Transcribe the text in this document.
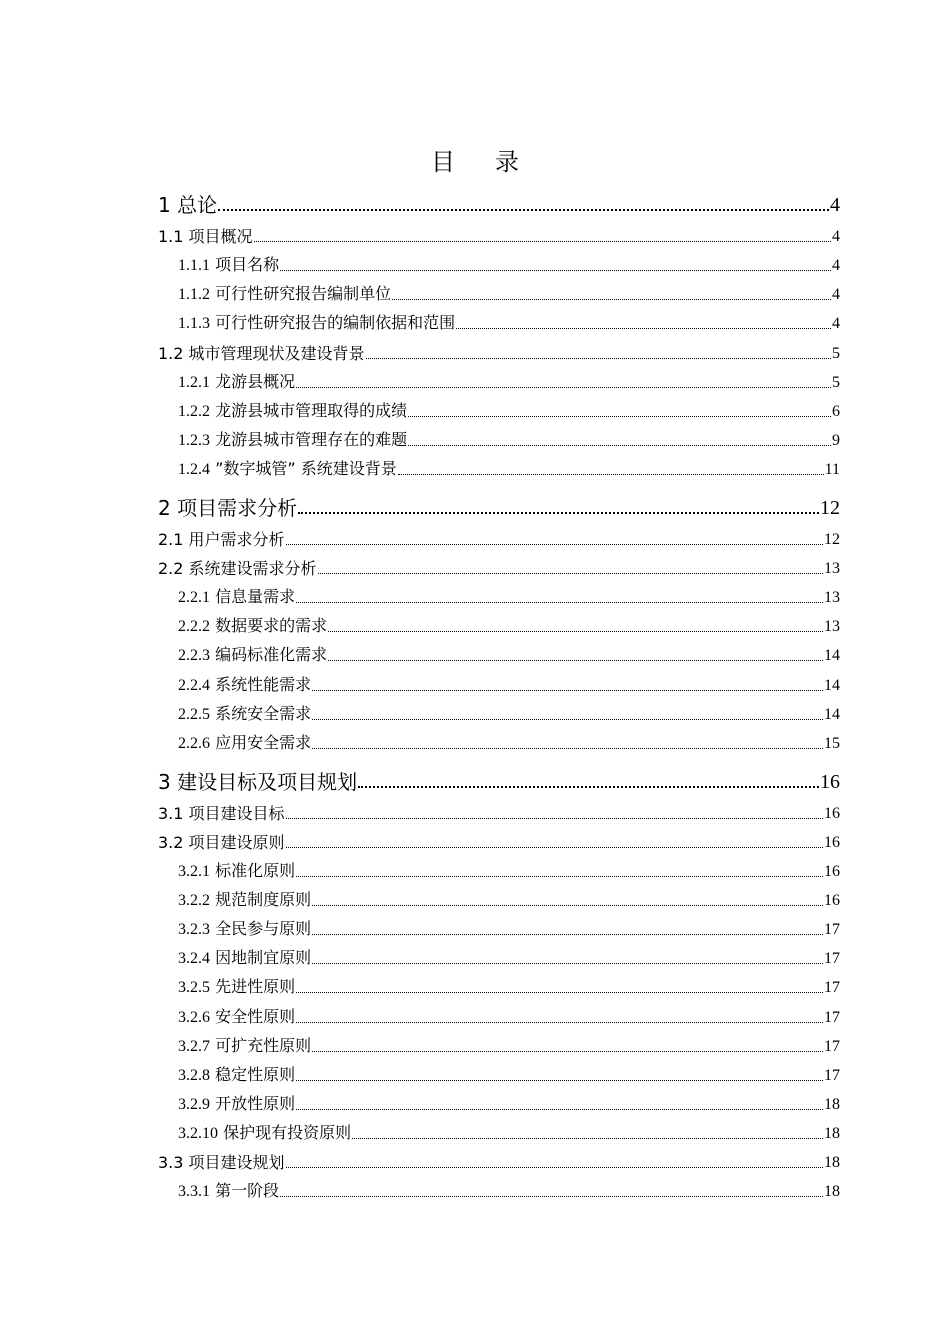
目 录
1 总论	4
1.1 项目概况	4
1.1.1 项目名称	4
1.1.2 可行性研究报告编制单位	4
1.1.3 可行性研究报告的编制依据和范围	4
1.2 城市管理现状及建设背景	5
1.2.1 龙游县概况	5
1.2.2 龙游县城市管理取得的成绩	6
1.2.3 龙游县城市管理存在的难题	9
1.2.4 ”数字城管” 系统建设背景	11
2 项目需求分析	12
2.1 用户需求分析	12
2.2 系统建设需求分析	13
2.2.1 信息量需求	13
2.2.2 数据要求的需求	13
2.2.3 编码标准化需求	14
2.2.4 系统性能需求	14
2.2.5 系统安全需求	14
2.2.6 应用安全需求	15
3 建设目标及项目规划	16
3.1 项目建设目标	16
3.2 项目建设原则	16
3.2.1 标准化原则	16
3.2.2 规范制度原则	16
3.2.3 全民参与原则	17
3.2.4 因地制宜原则	17
3.2.5 先进性原则	17
3.2.6 安全性原则	17
3.2.7 可扩充性原则	17
3.2.8 稳定性原则	17
3.2.9 开放性原则	18
3.2.10 保护现有投资原则	18
3.3 项目建设规划	18
3.3.1 第一阶段	18
